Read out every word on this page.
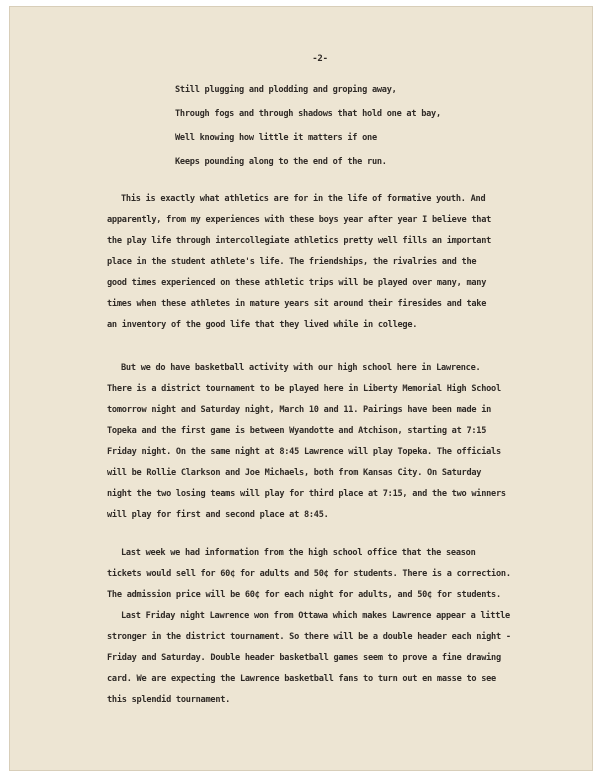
-2-
Still plugging and plodding and groping away,
Through fogs and through shadows that hold one at bay,
Well knowing how little it matters if one
Keeps pounding along to the end of the run.
This is exactly what athletics are for in the life of formative youth. And
apparently, from my experiences with these boys year after year I believe that
the play life through intercollegiate athletics pretty well fills an important
place in the student athlete's life. The friendships, the rivalries and the
good times experienced on these athletic trips will be played over many, many
times when these athletes in mature years sit around their firesides and take
an inventory of the good life that they lived while in college.
But we do have basketball activity with our high school here in Lawrence.
There is a district tournament to be played here in Liberty Memorial High School
tomorrow night and Saturday night, March 10 and 11. Pairings have been made in
Topeka and the first game is between Wyandotte and Atchison, starting at 7:15
Friday night. On the same night at 8:45 Lawrence will play Topeka. The officials
will be Rollie Clarkson and Joe Michaels, both from Kansas City. On Saturday
night the two losing teams will play for third place at 7:15, and the two winners
will play for first and second place at 8:45.
Last week we had information from the high school office that the season
tickets would sell for 60¢ for adults and 50¢ for students. There is a correction.
The admission price will be 60¢ for each night for adults, and 50¢ for students.
Last Friday night Lawrence won from Ottawa which makes Lawrence appear a little
stronger in the district tournament. So there will be a double header each night -
Friday and Saturday. Double header basketball games seem to prove a fine drawing
card. We are expecting the Lawrence basketball fans to turn out en masse to see
this splendid tournament.
